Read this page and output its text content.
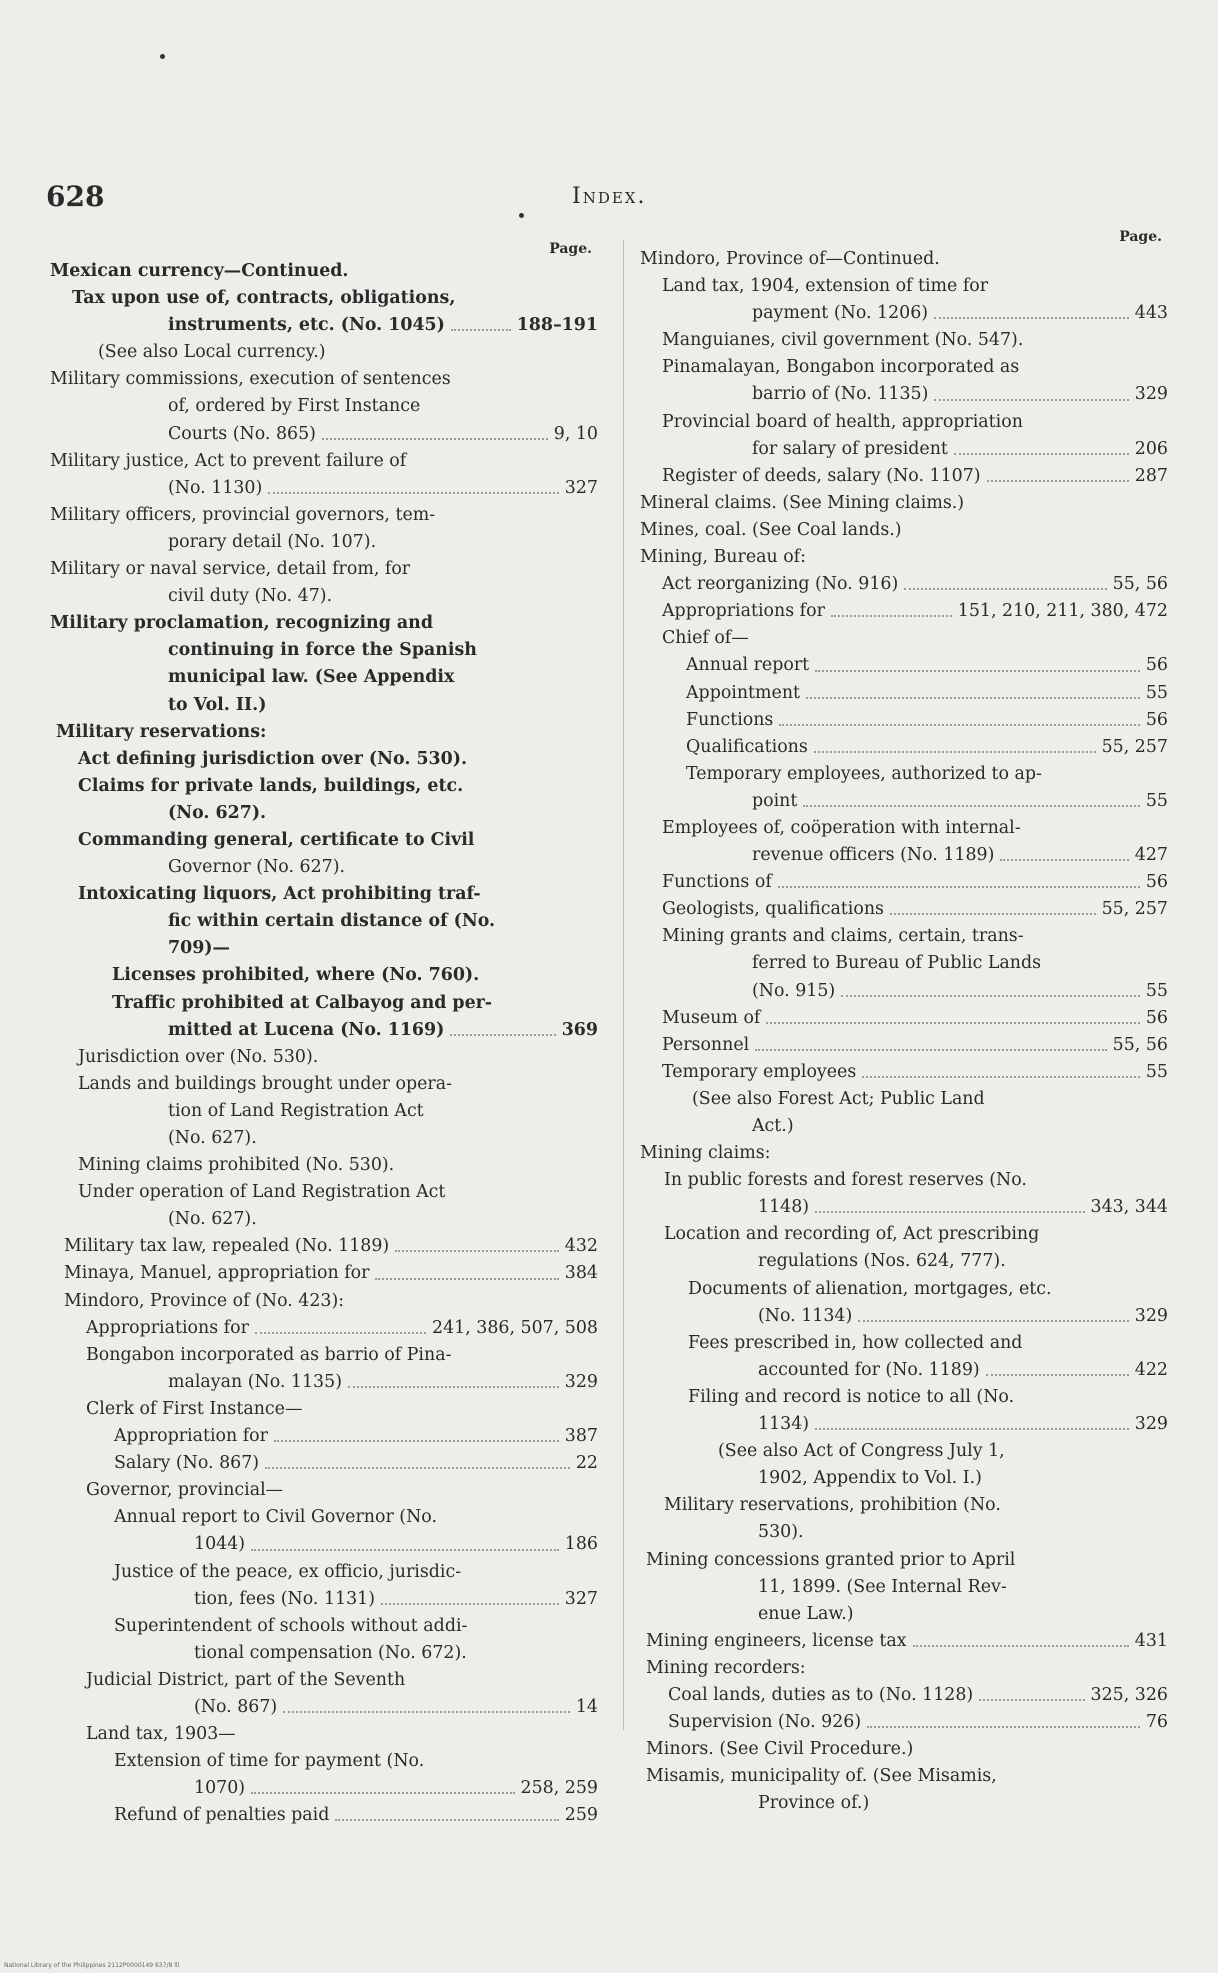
628	Index.
Page.
Mexican currency—Continued.
Tax upon use of, contracts, obligations,
instruments, etc. (No. 1045)	188–191
(See also Local currency.)
Military commissions, execution of sentences
of, ordered by First Instance
Courts (No. 865)	9, 10
Military justice, Act to prevent failure of
(No. 1130)	327
Military officers, provincial governors, tem-
porary detail (No. 107).
Military or naval service, detail from, for
civil duty (No. 47).
Military proclamation, recognizing and
continuing in force the Spanish
municipal law. (See Appendix
to Vol. II.)
Military reservations:
Act defining jurisdiction over (No. 530).
Claims for private lands, buildings, etc.
(No. 627).
Commanding general, certificate to Civil
Governor (No. 627).
Intoxicating liquors, Act prohibiting traf-
fic within certain distance of (No.
709)—
Licenses prohibited, where (No. 760).
Traffic prohibited at Calbayog and per-
mitted at Lucena (No. 1169)	369
Jurisdiction over (No. 530).
Lands and buildings brought under opera-
tion of Land Registration Act
(No. 627).
Mining claims prohibited (No. 530).
Under operation of Land Registration Act
(No. 627).
Military tax law, repealed (No. 1189)	432
Minaya, Manuel, appropriation for	384
Mindoro, Province of (No. 423):
Appropriations for	241, 386, 507, 508
Bongabon incorporated as barrio of Pina-
malayan (No. 1135)	329
Clerk of First Instance—
Appropriation for	387
Salary (No. 867)	22
Governor, provincial—
Annual report to Civil Governor (No.
1044)	186
Justice of the peace, ex officio, jurisdic-
tion, fees (No. 1131)	327
Superintendent of schools without addi-
tional compensation (No. 672).
Judicial District, part of the Seventh
(No. 867)	14
Land tax, 1903—
Extension of time for payment (No.
1070)	258, 259
Refund of penalties paid	259
Page.
Mindoro, Province of—Continued.
Land tax, 1904, extension of time for
payment (No. 1206)	443
Manguianes, civil government (No. 547).
Pinamalayan, Bongabon incorporated as
barrio of (No. 1135)	329
Provincial board of health, appropriation
for salary of president	206
Register of deeds, salary (No. 1107)	287
Mineral claims. (See Mining claims.)
Mines, coal. (See Coal lands.)
Mining, Bureau of:
Act reorganizing (No. 916)	55, 56
Appropriations for	151, 210, 211, 380, 472
Chief of—
Annual report	56
Appointment	55
Functions	56
Qualifications	55, 257
Temporary employees, authorized to ap-
point	55
Employees of, coöperation with internal-
revenue officers (No. 1189)	427
Functions of	56
Geologists, qualifications	55, 257
Mining grants and claims, certain, trans-
ferred to Bureau of Public Lands
(No. 915)	55
Museum of	56
Personnel	55, 56
Temporary employees	55
(See also Forest Act; Public Land
Act.)
Mining claims:
In public forests and forest reserves (No.
1148)	343, 344
Location and recording of, Act prescribing
regulations (Nos. 624, 777).
Documents of alienation, mortgages, etc.
(No. 1134)	329
Fees prescribed in, how collected and
accounted for (No. 1189)	422
Filing and record is notice to all (No.
1134)	329
(See also Act of Congress July 1,
1902, Appendix to Vol. I.)
Military reservations, prohibition (No.
530).
Mining concessions granted prior to April
11, 1899. (See Internal Rev-
enue Law.)
Mining engineers, license tax	431
Mining recorders:
Coal lands, duties as to (No. 1128)	325, 326
Supervision (No. 926)	76
Minors. (See Civil Procedure.)
Misamis, municipality of. (See Misamis,
Province of.)
National Library of the Philippines 2112P0000149 637/8 lll
